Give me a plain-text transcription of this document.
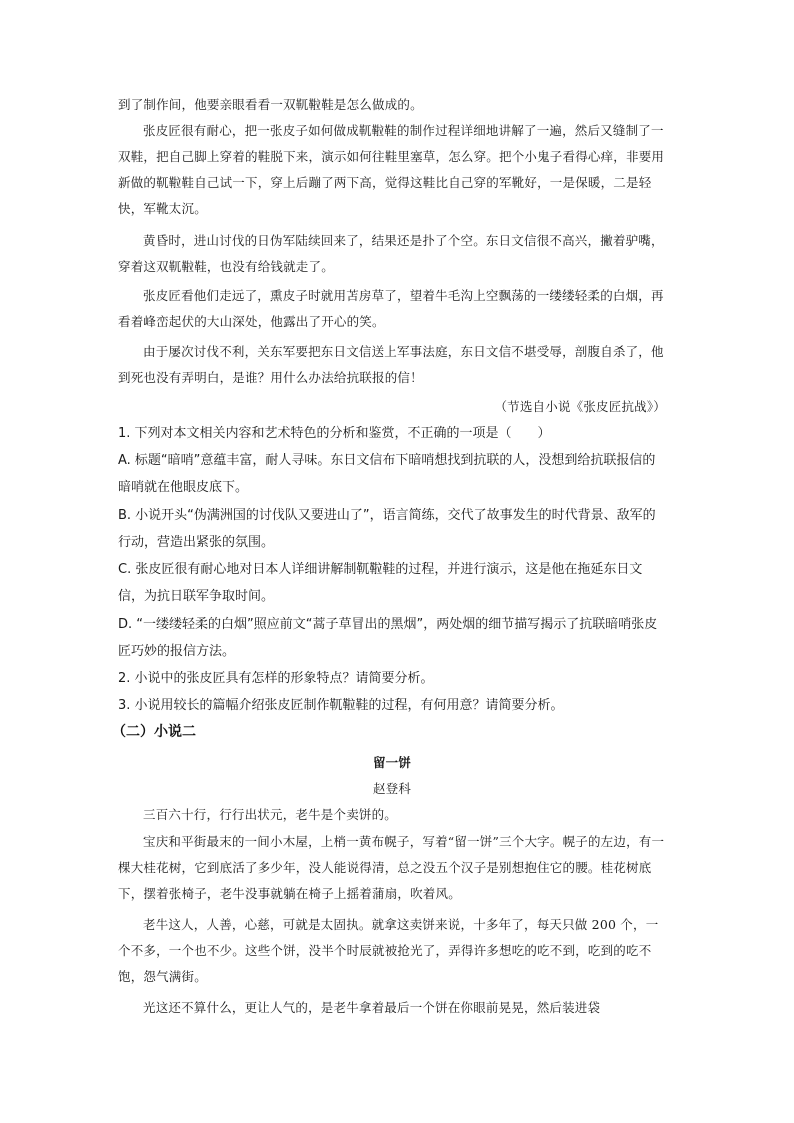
到了制作间，他要亲眼看看一双靰鞡鞋是怎么做成的。

张皮匠很有耐心，把一张皮子如何做成靰鞡鞋的制作过程详细地讲解了一遍，然后又缝制了一双鞋，把自己脚上穿着的鞋脱下来，演示如何往鞋里塞草，怎么穿。把个小鬼子看得心痒，非要用新做的靰鞡鞋自己试一下，穿上后蹦了两下高，觉得这鞋比自己穿的军靴好，一是保暖，二是轻快，军靴太沉。

黄昏时，进山讨伐的日伪军陆续回来了，结果还是扑了个空。东日文信很不高兴，撇着驴嘴，穿着这双靰鞡鞋，也没有给钱就走了。

张皮匠看他们走远了，熏皮子时就用苫房草了，望着牛毛沟上空飘荡的一缕缕轻柔的白烟，再看着峰峦起伏的大山深处，他露出了开心的笑。

由于屡次讨伐不利，关东军要把东日文信送上军事法庭，东日文信不堪受辱，剖腹自杀了，他到死也没有弄明白，是谁？用什么办法给抗联报的信！

（节选自小说《张皮匠抗战》）

1. 下列对本文相关内容和艺术特色的分析和鉴赏，不正确的一项是（　　）

A. 标题“暗哨”意蕴丰富，耐人寻味。东日文信布下暗哨想找到抗联的人，没想到给抗联报信的暗哨就在他眼皮底下。

B. 小说开头“伪满洲国的讨伐队又要进山了”，语言简练，交代了故事发生的时代背景、敌军的行动，营造出紧张的氛围。

C. 张皮匠很有耐心地对日本人详细讲解制靰鞡鞋的过程，并进行演示，这是他在拖延东日文信，为抗日联军争取时间。

D. “一缕缕轻柔的白烟”照应前文“蒿子草冒出的黑烟”，两处烟的细节描写揭示了抗联暗哨张皮匠巧妙的报信方法。

2. 小说中的张皮匠具有怎样的形象特点？请简要分析。

3. 小说用较长的篇幅介绍张皮匠制作靰鞡鞋的过程，有何用意？请简要分析。

（二）小说二

留一饼

赵登科

三百六十行，行行出状元，老牛是个卖饼的。

宝庆和平街最末的一间小木屋，上梢一黄布幌子，写着“留一饼”三个大字。幌子的左边，有一棵大桂花树，它到底活了多少年，没人能说得清，总之没五个汉子是别想抱住它的腰。桂花树底下，摆着张椅子，老牛没事就躺在椅子上摇着蒲扇，吹着风。

老牛这人，人善，心慈，可就是太固执。就拿这卖饼来说，十多年了，每天只做 200 个，一个不多，一个也不少。这些个饼，没半个时辰就被抢光了，弄得许多想吃的吃不到，吃到的吃不饱，怨气满街。

光这还不算什么，更让人气的，是老牛拿着最后一个饼在你眼前晃晃，然后装进袋
